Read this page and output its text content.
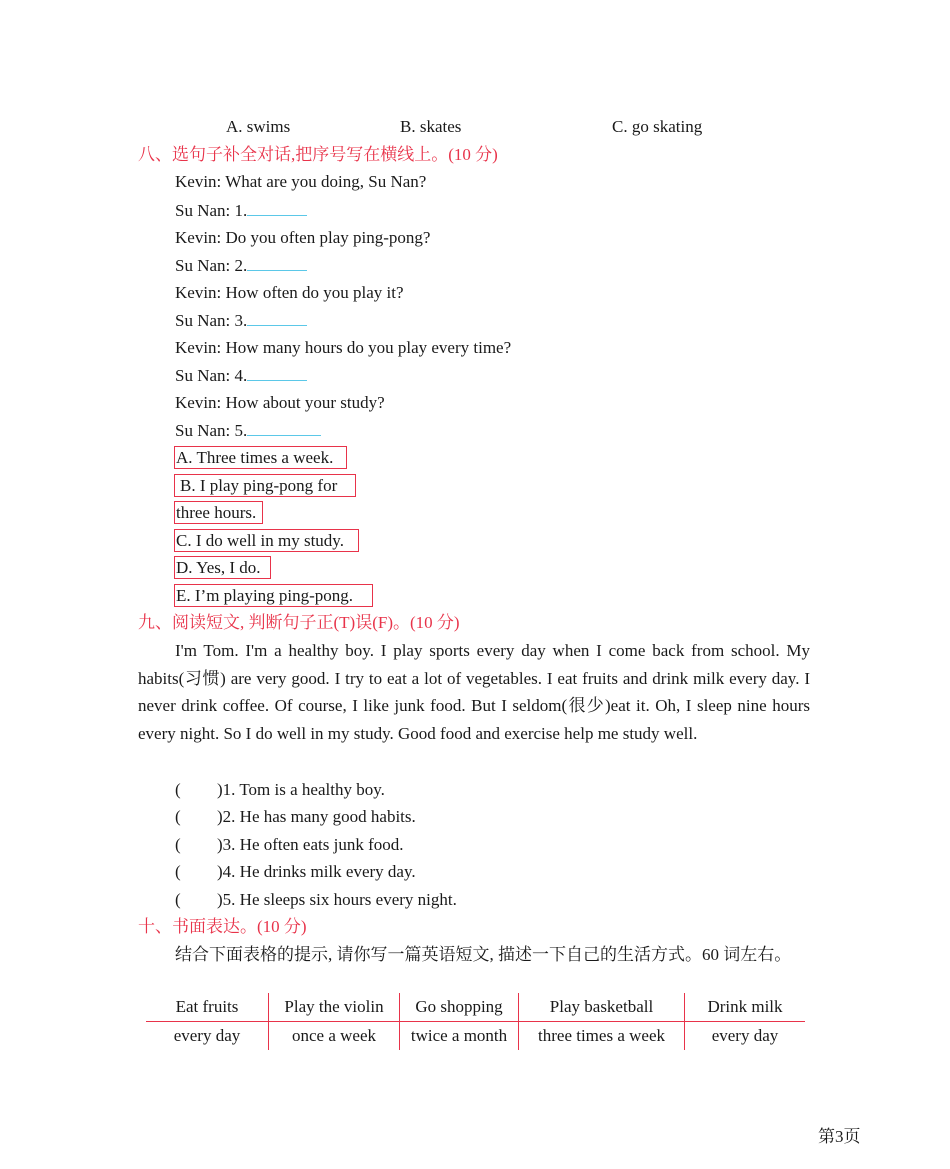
A. swims	B. skates	C. go skating
八、选句子补全对话,把序号写在横线上。(10 分)
Kevin: What are you doing, Su Nan?
Su Nan: 1.
Kevin: Do you often play ping-pong?
Su Nan: 2.
Kevin: How often do you play it?
Su Nan: 3.
Kevin: How many hours do you play every time?
Su Nan: 4.
Kevin: How about your study?
Su Nan: 5.
A. Three times a week.
B. I play ping-pong for
three hours.
C. I do well in my study.
D. Yes, I do.
E. I’m playing ping-pong.
九、阅读短文, 判断句子正(T)误(F)。(10 分)
I'm Tom. I'm a healthy boy. I play sports every day when I come back from school. My habits(习惯) are very good. I try to eat a lot of vegetables. I eat fruits and drink milk every day. I never drink coffee. Of course, I like junk food. But I seldom(很少)eat it. Oh, I sleep nine hours every night. So I do well in my study. Good food and exercise help me study well.
( )1. Tom is a healthy boy.
( )2. He has many good habits.
( )3. He often eats junk food.
( )4. He drinks milk every day.
( )5. He sleeps six hours every night.
十、书面表达。(10 分)
结合下面表格的提示, 请你写一篇英语短文, 描述一下自己的生活方式。60 词左右。
Eat fruits	Play the violin	Go shopping	Play basketball	Drink milk
every day	once a week	twice a month	three times a week	every day
第3页
